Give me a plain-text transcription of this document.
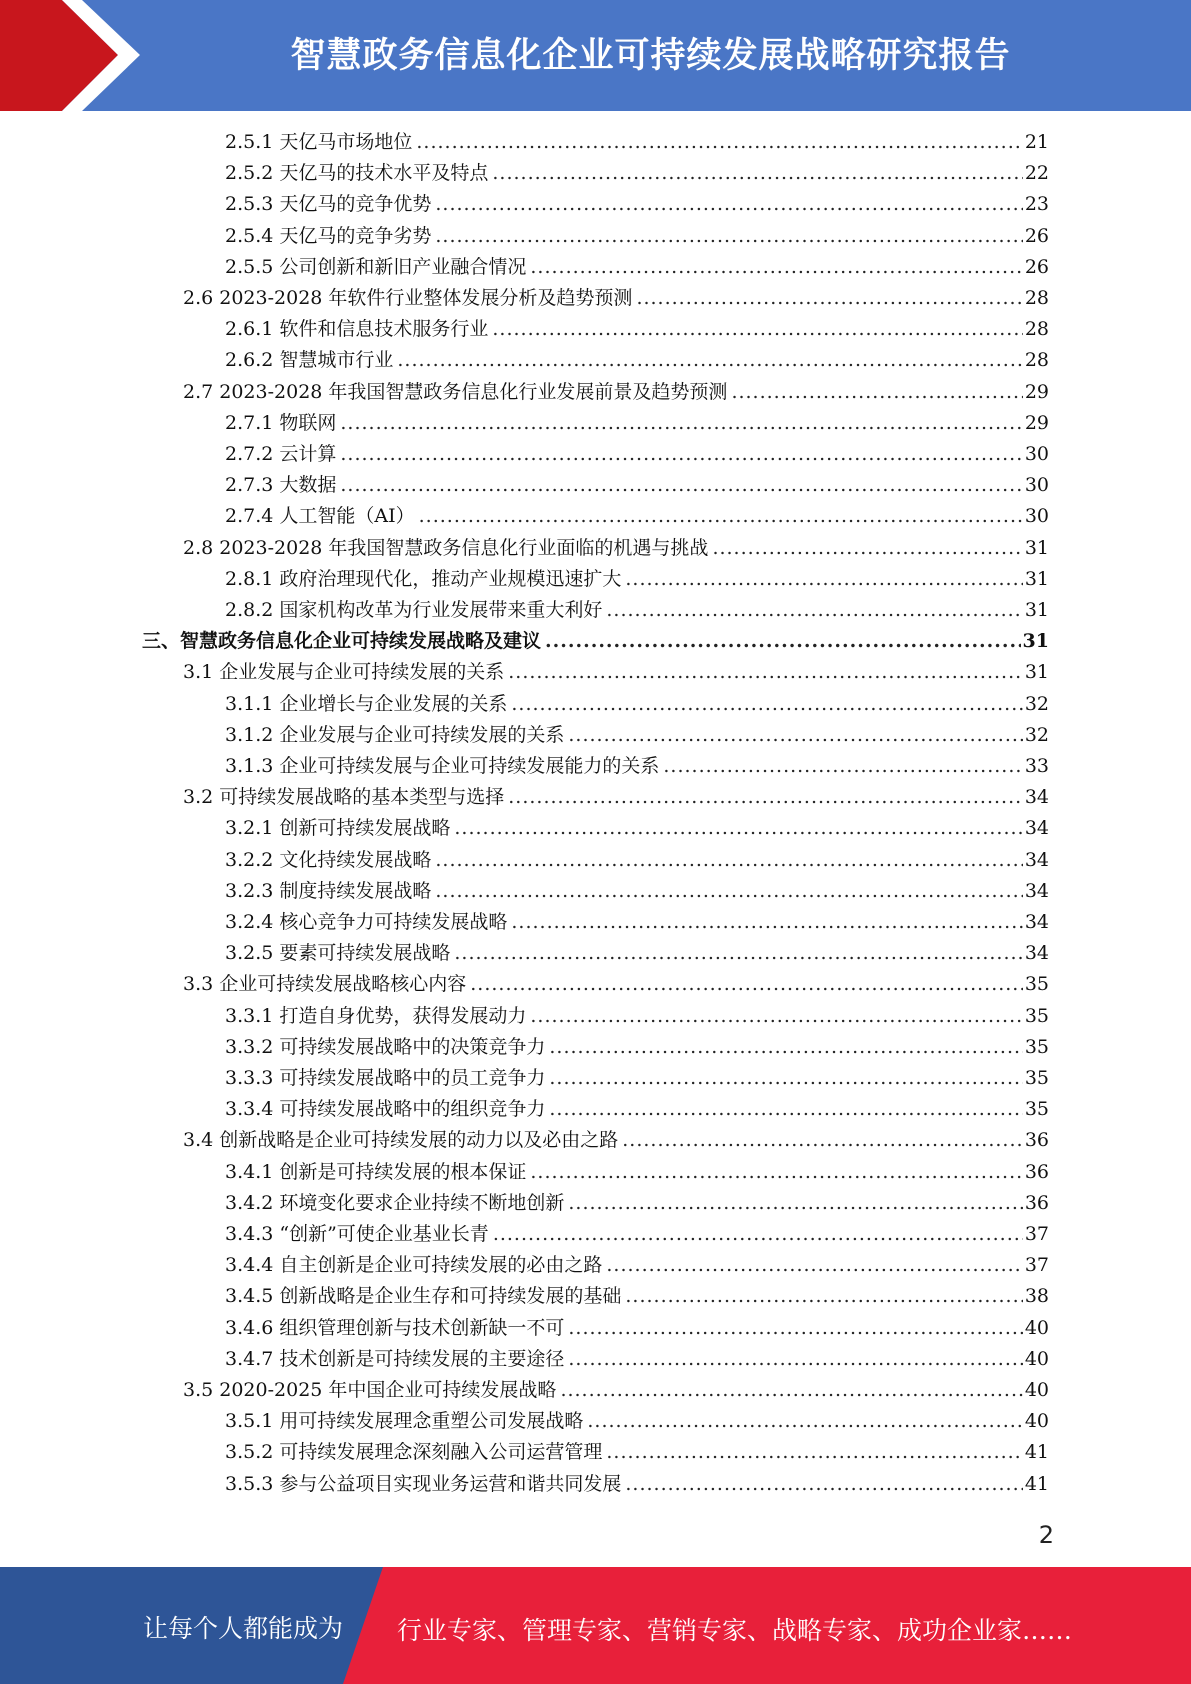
智慧政务信息化企业可持续发展战略研究报告
2.5.1 天亿马市场地位 .....	21
2.5.2 天亿马的技术水平及特点 .....	22
2.5.3 天亿马的竞争优势 .....	23
2.5.4 天亿马的竞争劣势 .....	26
2.5.5 公司创新和新旧产业融合情况 .....	26
2.6 2023-2028 年软件行业整体发展分析及趋势预测 .....	28
2.6.1 软件和信息技术服务行业 .....	28
2.6.2 智慧城市行业 .....	28
2.7 2023-2028 年我国智慧政务信息化行业发展前景及趋势预测 .....	29
2.7.1 物联网 .....	29
2.7.2 云计算 .....	30
2.7.3 大数据 .....	30
2.7.4 人工智能（AI） .....	30
2.8 2023-2028 年我国智慧政务信息化行业面临的机遇与挑战 .....	31
2.8.1 政府治理现代化，推动产业规模迅速扩大 .....	31
2.8.2 国家机构改革为行业发展带来重大利好 .....	31
三、智慧政务信息化企业可持续发展战略及建议 .....	31
3.1 企业发展与企业可持续发展的关系 .....	31
3.1.1 企业增长与企业发展的关系 .....	32
3.1.2 企业发展与企业可持续发展的关系 .....	32
3.1.3 企业可持续发展与企业可持续发展能力的关系 .....	33
3.2 可持续发展战略的基本类型与选择 .....	34
3.2.1 创新可持续发展战略 .....	34
3.2.2 文化持续发展战略 .....	34
3.2.3 制度持续发展战略 .....	34
3.2.4 核心竞争力可持续发展战略 .....	34
3.2.5 要素可持续发展战略 .....	34
3.3 企业可持续发展战略核心内容 .....	35
3.3.1 打造自身优势，获得发展动力 .....	35
3.3.2 可持续发展战略中的决策竞争力 .....	35
3.3.3 可持续发展战略中的员工竞争力 .....	35
3.3.4 可持续发展战略中的组织竞争力 .....	35
3.4 创新战略是企业可持续发展的动力以及必由之路 .....	36
3.4.1 创新是可持续发展的根本保证 .....	36
3.4.2 环境变化要求企业持续不断地创新 .....	36
3.4.3 “创新”可使企业基业长青 .....	37
3.4.4 自主创新是企业可持续发展的必由之路 .....	37
3.4.5 创新战略是企业生存和可持续发展的基础 .....	38
3.4.6 组织管理创新与技术创新缺一不可 .....	40
3.4.7 技术创新是可持续发展的主要途径 .....	40
3.5 2020-2025 年中国企业可持续发展战略 .....	40
3.5.1 用可持续发展理念重塑公司发展战略 .....	40
3.5.2 可持续发展理念深刻融入公司运营管理 .....	41
3.5.3 参与公益项目实现业务运营和谐共同发展 .....	41
2
让每个人都能成为 行业专家、管理专家、营销专家、战略专家、成功企业家……
